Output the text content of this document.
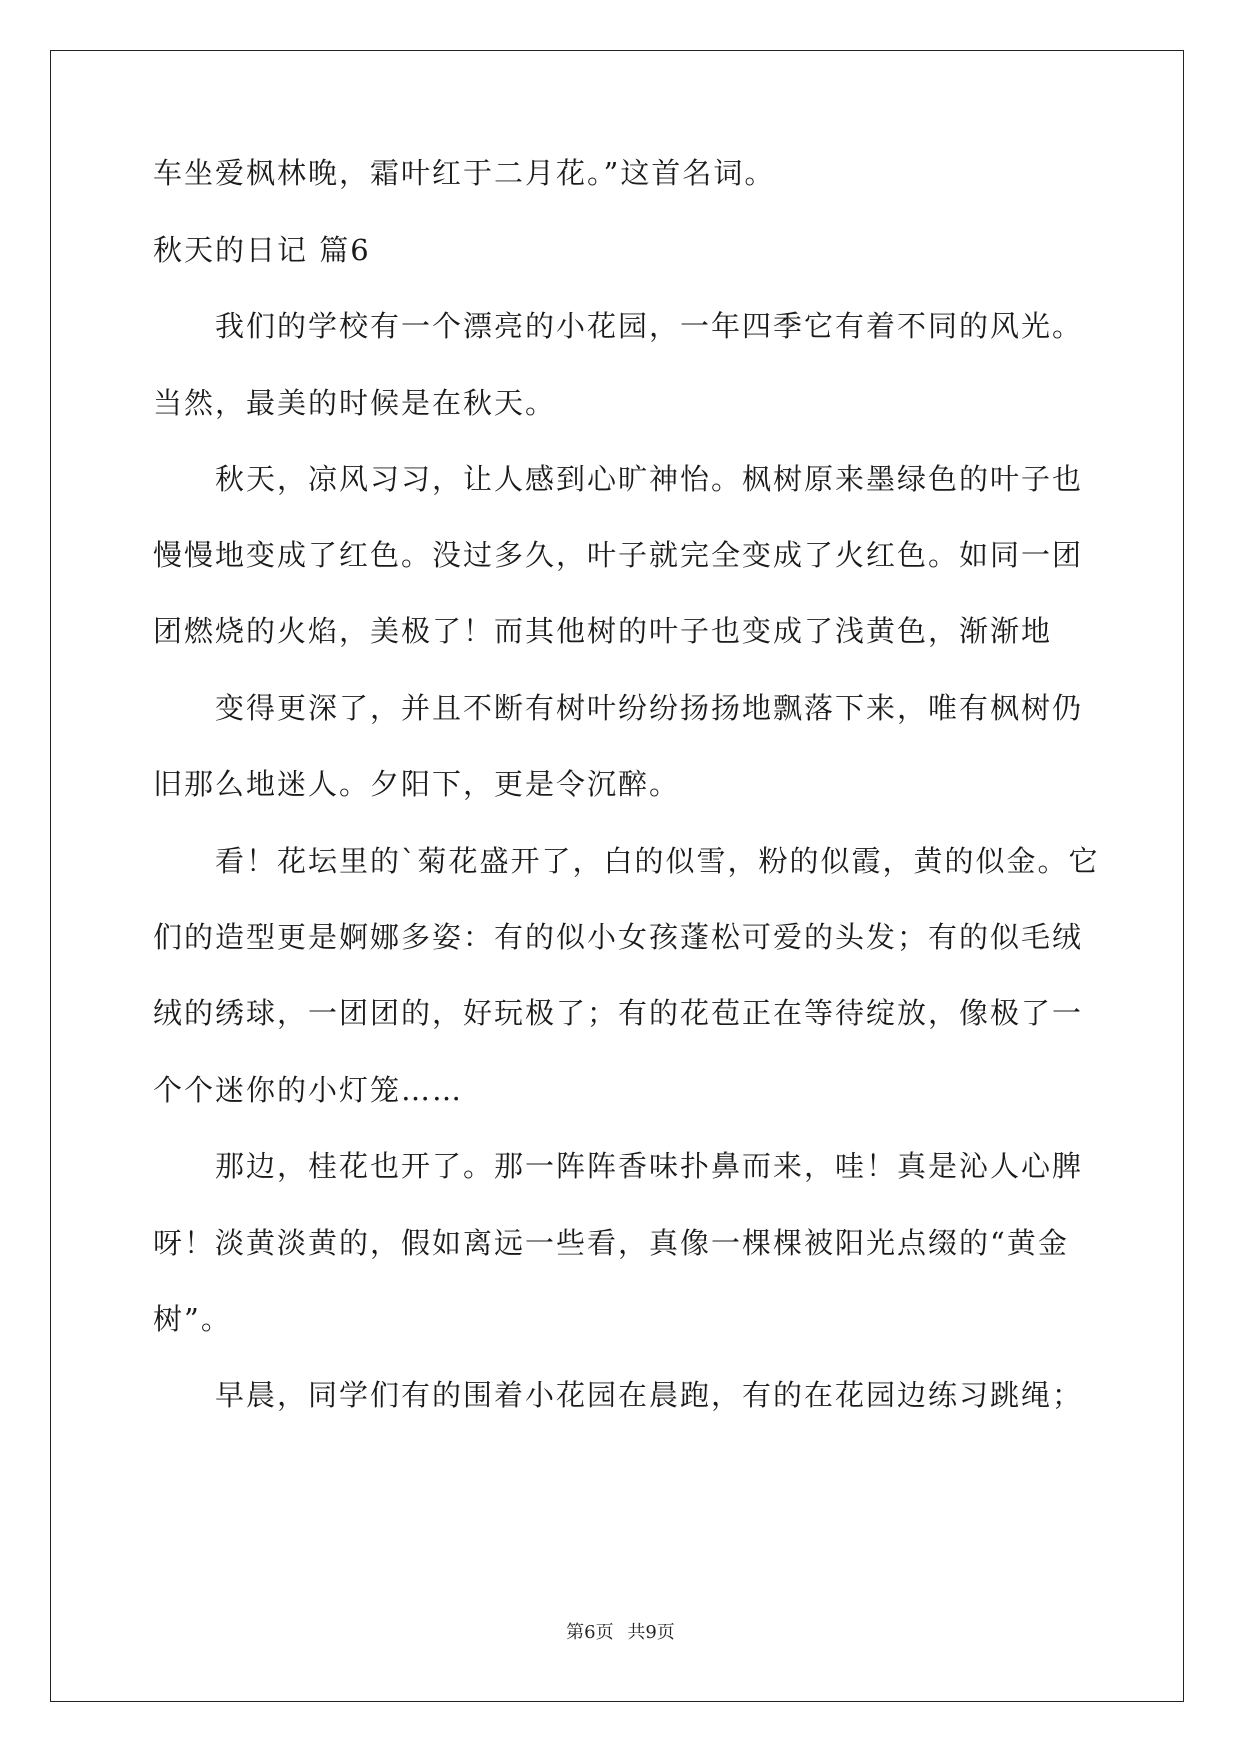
车坐爱枫林晚，霜叶红于二月花。”这首名词。
秋天的日记 篇6
我们的学校有一个漂亮的小花园，一年四季它有着不同的风光。
当然，最美的时候是在秋天。
秋天，凉风习习，让人感到心旷神怡。枫树原来墨绿色的叶子也
慢慢地变成了红色。没过多久，叶子就完全变成了火红色。如同一团
团燃烧的火焰，美极了！而其他树的叶子也变成了浅黄色，渐渐地
变得更深了，并且不断有树叶纷纷扬扬地飘落下来，唯有枫树仍
旧那么地迷人。夕阳下，更是令沉醉。
看！花坛里的`菊花盛开了，白的似雪，粉的似霞，黄的似金。它
们的造型更是婀娜多姿：有的似小女孩蓬松可爱的头发；有的似毛绒
绒的绣球，一团团的，好玩极了；有的花苞正在等待绽放，像极了一
个个迷你的小灯笼……
那边，桂花也开了。那一阵阵香味扑鼻而来，哇！真是沁人心脾
呀！淡黄淡黄的，假如离远一些看，真像一棵棵被阳光点缀的“黄金
树”。
早晨，同学们有的围着小花园在晨跑，有的在花园边练习跳绳；
第6页 共9页
